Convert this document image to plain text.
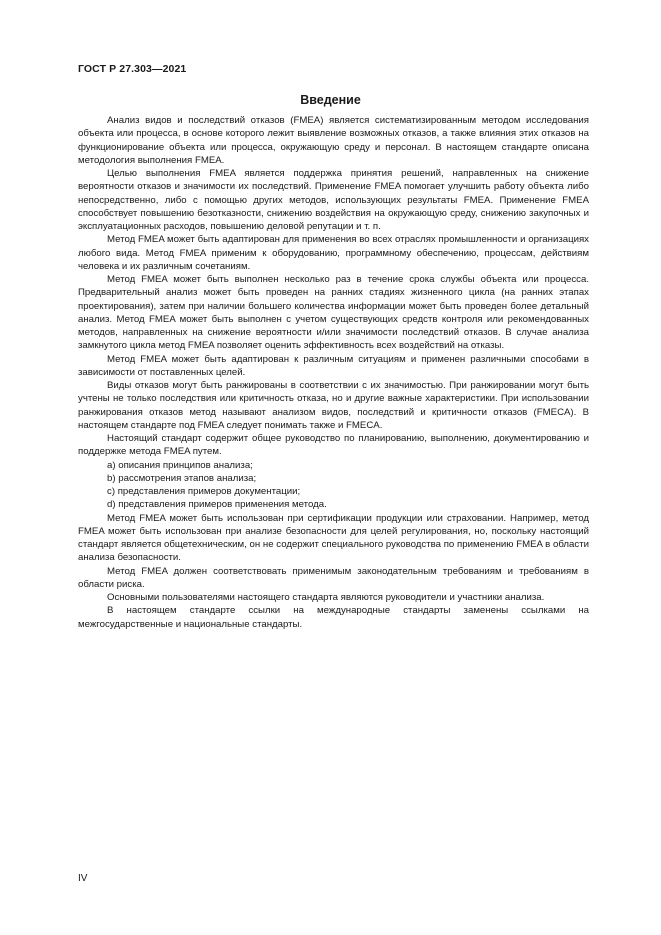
ГОСТ Р 27.303—2021
Введение

Анализ видов и последствий отказов (FMEA) является систематизированным методом исследования объекта или процесса, в основе которого лежит выявление возможных отказов, а также влияния этих отказов на функционирование объекта или процесса, окружающую среду и персонал. В настоящем стандарте описана методология выполнения FMEA.

Целью выполнения FMEA является поддержка принятия решений, направленных на снижение вероятности отказов и значимости их последствий. Применение FMEA помогает улучшить работу объекта либо непосредственно, либо с помощью других методов, использующих результаты FMEA. Применение FMEA способствует повышению безотказности, снижению воздействия на окружающую среду, снижению закупочных и эксплуатационных расходов, повышению деловой репутации и т. п.

Метод FMEA может быть адаптирован для применения во всех отраслях промышленности и организациях любого вида. Метод FMEA применим к оборудованию, программному обеспечению, процессам, действиям человека и их различным сочетаниям.

Метод FMEA может быть выполнен несколько раз в течение срока службы объекта или процесса. Предварительный анализ может быть проведен на ранних стадиях жизненного цикла (на ранних этапах проектирования), затем при наличии большего количества информации может быть проведен более детальный анализ. Метод FMEA может быть выполнен с учетом существующих средств контроля или рекомендованных методов, направленных на снижение вероятности и/или значимости последствий отказов. В случае анализа замкнутого цикла метод FMEA позволяет оценить эффективность всех воздействий на отказы.

Метод FMEA может быть адаптирован к различным ситуациям и применен различными способами в зависимости от поставленных целей.

Виды отказов могут быть ранжированы в соответствии с их значимостью. При ранжировании могут быть учтены не только последствия или критичность отказа, но и другие важные характеристики. При использовании ранжирования отказов метод называют анализом видов, последствий и критичности отказов (FMECA). В настоящем стандарте под FMEA следует понимать также и FMECA.

Настоящий стандарт содержит общее руководство по планированию, выполнению, документированию и поддержке метода FMEA путем.

a) описания принципов анализа;

b) рассмотрения этапов анализа;

c) представления примеров документации;

d) представления примеров применения метода.

Метод FMEA может быть использован при сертификации продукции или страховании. Например, метод FMEA может быть использован при анализе безопасности для целей регулирования, но, поскольку настоящий стандарт является общетехническим, он не содержит специального руководства по применению FMEA в области анализа безопасности.

Метод FMEA должен соответствовать применимым законодательным требованиям и требованиям в области риска.

Основными пользователями настоящего стандарта являются руководители и участники анализа.

В настоящем стандарте ссылки на международные стандарты заменены ссылками на межгосударственные и национальные стандарты.

IV
